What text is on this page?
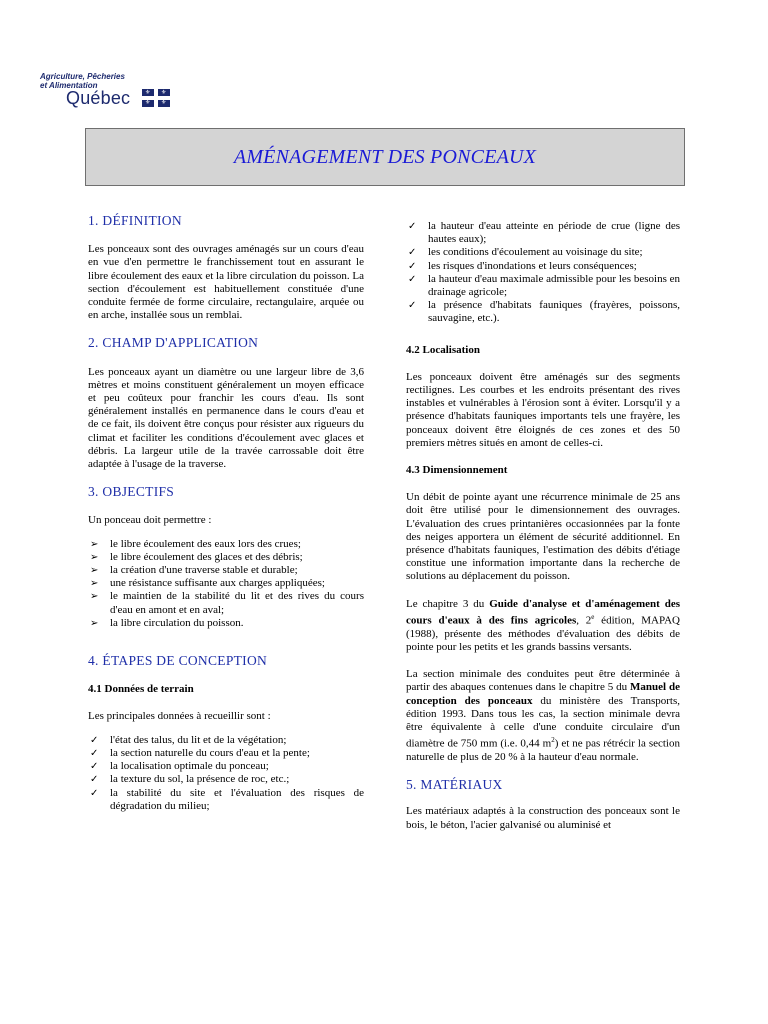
Agriculture, Pêcheries
et Alimentation
Québec ⚜ ⚜
⚜ ⚜
AMÉNAGEMENT DES PONCEAUX
1. DÉFINITION

Les ponceaux sont des ouvrages aménagés sur un cours d'eau en vue d'en permettre le franchissement tout en assurant le libre écoulement des eaux et la libre circulation du poisson. La section d'écoulement est habituellement constituée d'une conduite fermée de forme circulaire, rectangulaire, arquée ou en arche, installée sous un remblai.

2. CHAMP D'APPLICATION

Les ponceaux ayant un diamètre ou une largeur libre de 3,6 mètres et moins constituent généralement un moyen efficace et peu coûteux pour franchir les cours d'eau. Ils sont généralement installés en permanence dans le cours d'eau et de ce fait, ils doivent être conçus pour résister aux rigueurs du climat et faciliter les conditions d'écoulement avec glaces et débris. La largeur utile de la travée carrossable doit être adaptée à l'usage de la traverse.

3. OBJECTIFS

Un ponceau doit permettre :

➢ le libre écoulement des eaux lors des crues;
➢ le libre écoulement des glaces et des débris;
➢ la création d'une traverse stable et durable;
➢ une résistance suffisante aux charges appliquées;
➢ le maintien de la stabilité du lit et des rives du cours d'eau en amont et en aval;
➢ la libre circulation du poisson.
4. ÉTAPES DE CONCEPTION
4.1 Données de terrain

Les principales données à recueillir sont :

✓ l'état des talus, du lit et de la végétation;
✓ la section naturelle du cours d'eau et la pente;
✓ la localisation optimale du ponceau;
✓ la texture du sol, la présence de roc, etc.;
✓ la stabilité du site et l'évaluation des risques de dégradation du milieu;
✓ la hauteur d'eau atteinte en période de crue (ligne des hautes eaux);
✓ les conditions d'écoulement au voisinage du site;
✓ les risques d'inondations et leurs conséquences;
✓ la hauteur d'eau maximale admissible pour les besoins en drainage agricole;
✓ la présence d'habitats fauniques (frayères, poissons, sauvagine, etc.).
4.2 Localisation

Les ponceaux doivent être aménagés sur des segments rectilignes. Les courbes et les endroits présentant des rives instables et vulnérables à l'érosion sont à éviter. Lorsqu'il y a présence d'habitats fauniques importants tels une frayère, les ponceaux doivent être éloignés de ces zones et des 50 premiers mètres situés en amont de celles-ci.

4.3 Dimensionnement

Un débit de pointe ayant une récurrence minimale de 25 ans doit être utilisé pour le dimensionnement des ouvrages. L'évaluation des crues printanières occasionnées par la fonte des neiges apportera un élément de sécurité additionnel. En présence d'habitats fauniques, l'estimation des débits d'étiage constitue une information importante dans la recherche de solutions au déplacement du poisson.

Le chapitre 3 du Guide d'analyse et d'aménagement des cours d'eaux à des fins agricoles, 2e édition, MAPAQ (1988), présente des méthodes d'évaluation des débits de pointe pour les petits et les grands bassins versants.

La section minimale des conduites peut être déterminée à partir des abaques contenues dans le chapitre 5 du Manuel de conception des ponceaux du ministère des Transports, édition 1993. Dans tous les cas, la section minimale devra être équivalente à celle d'une conduite circulaire d'un diamètre de 750 mm (i.e. 0,44 $m^2$) et ne pas rétrécir la section naturelle de plus de 20 % à la hauteur d'eau normale.

5. MATÉRIAUX

Les matériaux adaptés à la construction des ponceaux sont le bois, le béton, l'acier galvanisé ou aluminisé et
